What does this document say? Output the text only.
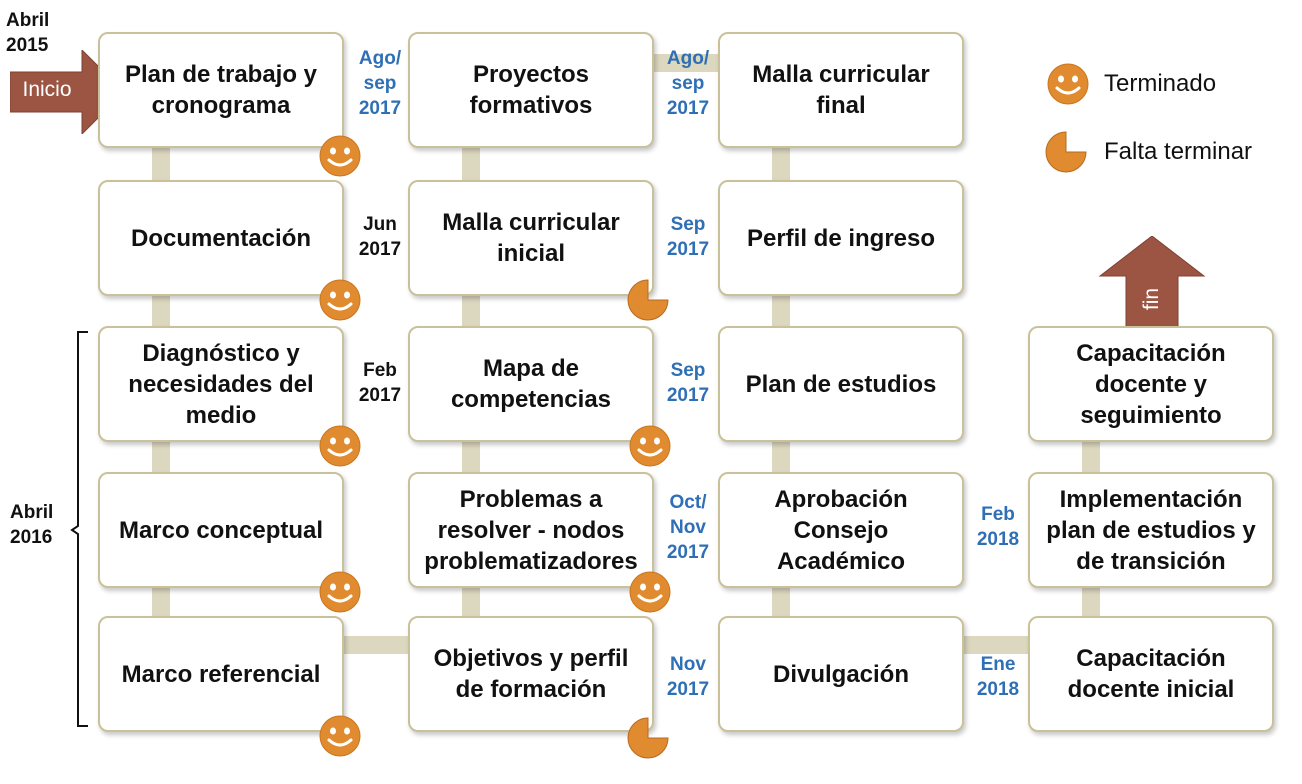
Abril
2015
Inicio
fin
Abril
2016
Plan de trabajo y
cronograma
Documentación
Diagnóstico y
necesidades del
medio
Marco conceptual
Marco referencial
Objetivos y perfil
de formación
Problemas a
resolver - nodos
problematizadores
Mapa de
competencias
Malla curricular
inicial
Proyectos
formativos
Malla curricular
final
Perfil de ingreso
Plan de estudios
Aprobación
Consejo
Académico
Divulgación
Capacitación
docente inicial
Implementación
plan de estudios y
de transición
Capacitación
docente y
seguimiento
Ago/
sep
2017
Jun
2017
Feb
2017
Ago/
sep
2017
Sep
2017
Sep
2017
Oct/
Nov
2017
Nov
2017
Feb
2018
Ene
2018
Terminado
Falta terminar
